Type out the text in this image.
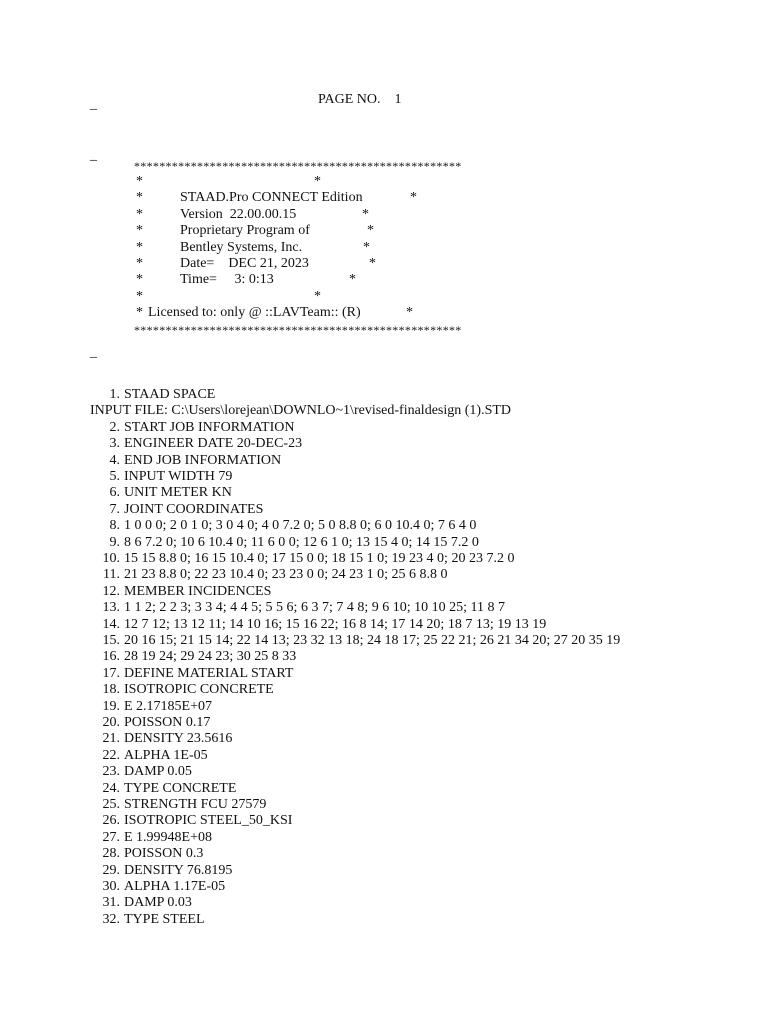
PAGE NO.    1
_
_
****************************************************

*

	*

*

	STAAD.Pro CONNECT Edition

	*

*

	Version  22.00.00.15

	*

*

	Proprietary Program of

	*

*

	Bentley Systems, Inc.

	*

*

	Date=    DEC 21, 2023

	*

*

	Time=     3: 0:13

	*

*

	*

*

Licensed to: only @ ::LAVTeam:: (R)

	*

****************************************************
_
1. STAAD SPACE
INPUT FILE: C:\Users\lorejean\DOWNLO~1\revised-finaldesign (1).STD
2. START JOB INFORMATION
3. ENGINEER DATE 20-DEC-23
4. END JOB INFORMATION
5. INPUT WIDTH 79
6. UNIT METER KN
7. JOINT COORDINATES
8. 1 0 0 0; 2 0 1 0; 3 0 4 0; 4 0 7.2 0; 5 0 8.8 0; 6 0 10.4 0; 7 6 4 0
9. 8 6 7.2 0; 10 6 10.4 0; 11 6 0 0; 12 6 1 0; 13 15 4 0; 14 15 7.2 0
10. 15 15 8.8 0; 16 15 10.4 0; 17 15 0 0; 18 15 1 0; 19 23 4 0; 20 23 7.2 0
11. 21 23 8.8 0; 22 23 10.4 0; 23 23 0 0; 24 23 1 0; 25 6 8.8 0
12. MEMBER INCIDENCES
13. 1 1 2; 2 2 3; 3 3 4; 4 4 5; 5 5 6; 6 3 7; 7 4 8; 9 6 10; 10 10 25; 11 8 7
14. 12 7 12; 13 12 11; 14 10 16; 15 16 22; 16 8 14; 17 14 20; 18 7 13; 19 13 19
15. 20 16 15; 21 15 14; 22 14 13; 23 32 13 18; 24 18 17; 25 22 21; 26 21 34 20; 27 20 35 19
16. 28 19 24; 29 24 23; 30 25 8 33
17. DEFINE MATERIAL START
18. ISOTROPIC CONCRETE
19. E 2.17185E+07
20. POISSON 0.17
21. DENSITY 23.5616
22. ALPHA 1E-05
23. DAMP 0.05
24. TYPE CONCRETE
25. STRENGTH FCU 27579
26. ISOTROPIC STEEL_50_KSI
27. E 1.99948E+08
28. POISSON 0.3
29. DENSITY 76.8195
30. ALPHA 1.17E-05
31. DAMP 0.03
32. TYPE STEEL
